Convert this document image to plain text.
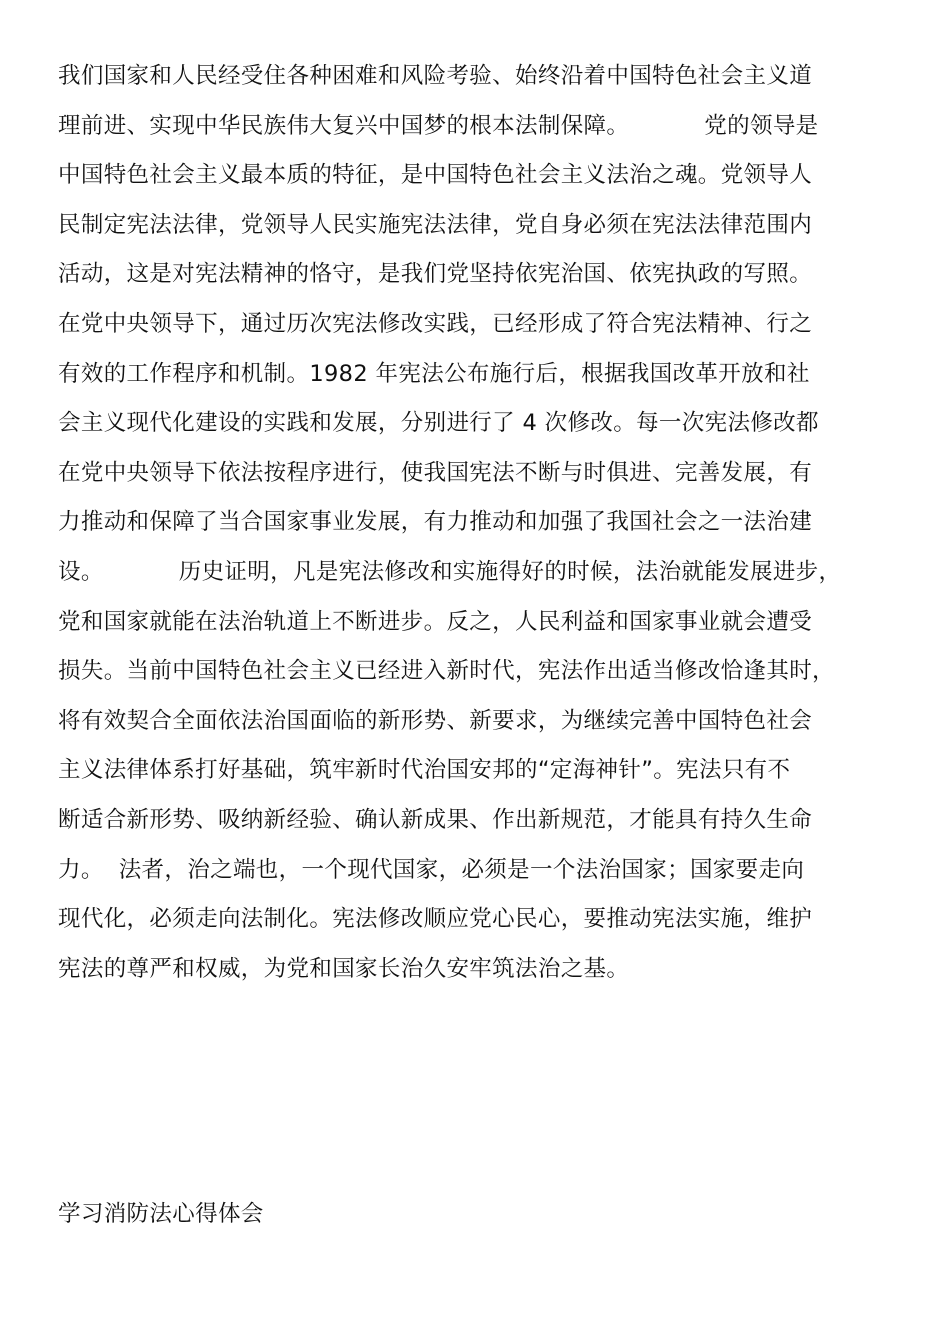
我们国家和人民经受住各种困难和风险考验、始终沿着中国特色社会主义道
理前进、实现中华民族伟大复兴中国梦的根本法制保障。          党的领导是
中国特色社会主义最本质的特征，是中国特色社会主义法治之魂。党领导人
民制定宪法法律，党领导人民实施宪法法律，党自身必须在宪法法律范围内
活动，这是对宪法精神的恪守，是我们党坚持依宪治国、依宪执政的写照。
在党中央领导下，通过历次宪法修改实践，已经形成了符合宪法精神、行之
有效的工作程序和机制。1982 年宪法公布施行后，根据我国改革开放和社
会主义现代化建设的实践和发展，分别进行了 4 次修改。每一次宪法修改都
在党中央领导下依法按程序进行，使我国宪法不断与时俱进、完善发展，有
力推动和保障了当合国家事业发展，有力推动和加强了我国社会之一法治建
设。          历史证明，凡是宪法修改和实施得好的时候，法治就能发展进步，
党和国家就能在法治轨道上不断进步。反之，人民利益和国家事业就会遭受
损失。当前中国特色社会主义已经进入新时代，宪法作出适当修改恰逢其时，
将有效契合全面依法治国面临的新形势、新要求，为继续完善中国特色社会
主义法律体系打好基础，筑牢新时代治国安邦的“定海神针”。宪法只有不
断适合新形势、吸纳新经验、确认新成果、作出新规范，才能具有持久生命
力。  法者，治之端也，一个现代国家，必须是一个法治国家；国家要走向
现代化，必须走向法制化。宪法修改顺应党心民心，要推动宪法实施，维护
宪法的尊严和权威，为党和国家长治久安牢筑法治之基。
学习消防法心得体会
